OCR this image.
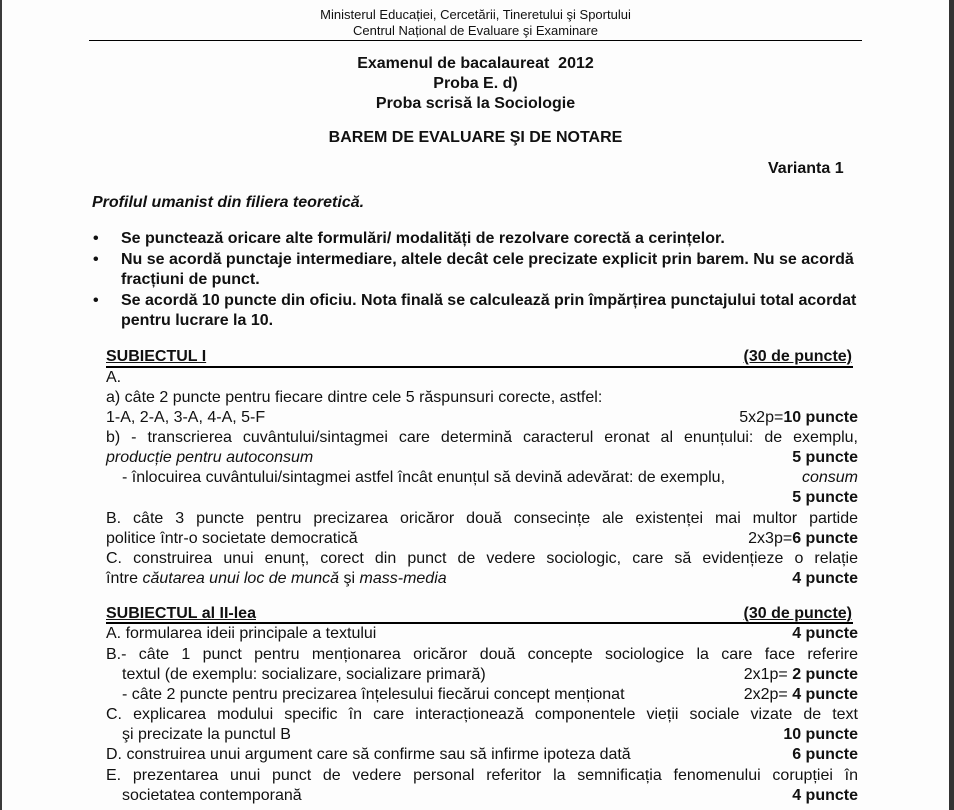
Ministerul Educației, Cercetării, Tineretului şi Sportului
Centrul Național de Evaluare şi Examinare
Examenul de bacalaureat  2012
Proba E. d)
Proba scrisă la Sociologie
BAREM DE EVALUARE ŞI DE NOTARE
Varianta 1
Profilul umanist din filiera teoretică.
• Se punctează oricare alte formulări/ modalități de rezolvare corectă a cerințelor.
• Nu se acordă punctaje intermediare, altele decât cele precizate explicit prin barem. Nu se acordă fracțiuni de punct.
• Se acordă 10 puncte din oficiu. Nota finală se calculează prin împărțirea punctajului total acordat pentru lucrare la 10.
SUBIECTUL I	(30 de puncte)
A.
a) câte 2 puncte pentru fiecare dintre cele 5 răspunsuri corecte, astfel:
1-A, 2-A, 3-A, 4-A, 5-F	5x2p=10 puncte
b) - transcrierea cuvântului/sintagmei care determină caracterul eronat al enunțului: de exemplu,
producție pentru autoconsum	5 puncte
- înlocuirea cuvântului/sintagmei astfel încât enunțul să devină adevărat: de exemplu,	consum
5 puncte
B. câte 3 puncte pentru precizarea oricăror două consecințe ale existenței mai multor partide
politice într-o societate democratică	2x3p=6 puncte
C. construirea unui enunț, corect din punct de vedere sociologic, care să evidențieze o relație
între căutarea unui loc de muncă şi mass-media	4 puncte
SUBIECTUL al II-lea	(30 de puncte)
A. formularea ideii principale a textului	4 puncte
B.- câte 1 punct pentru menționarea oricăror două concepte sociologice la care face referire
textul (de exemplu: socializare, socializare primară)	2x1p= 2 puncte
- câte 2 puncte pentru precizarea înțelesului fiecărui concept menționat	2x2p= 4 puncte
C. explicarea modului specific în care interacționează componentele vieții sociale vizate de text
şi precizate la punctul B	10 puncte
D. construirea unui argument care să confirme sau să infirme ipoteza dată	6 puncte
E. prezentarea unui punct de vedere personal referitor la semnificația fenomenului corupției în
societatea contemporană	4 puncte
